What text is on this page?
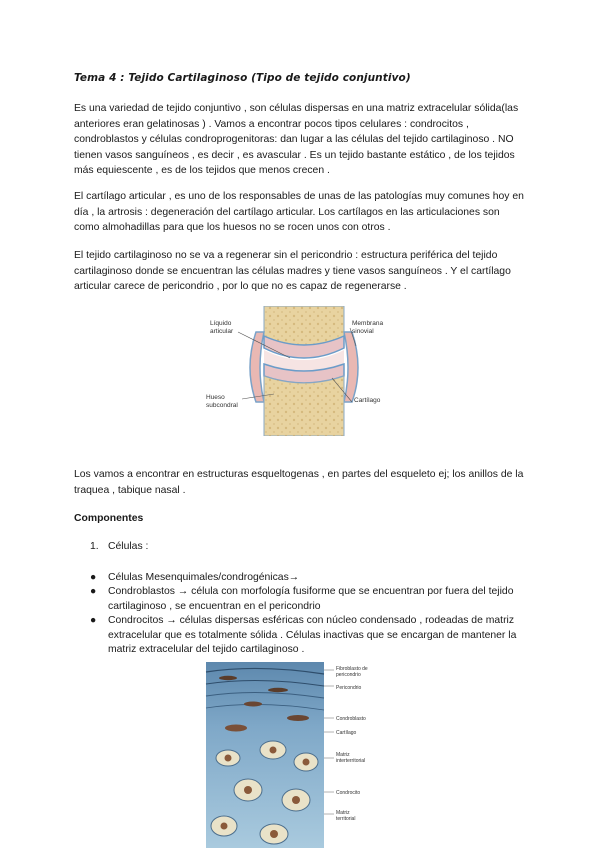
Tema 4 : Tejido Cartilaginoso (Tipo de tejido conjuntivo)

Es una variedad de tejido conjuntivo , son células dispersas en una matriz extracelular sólida(las anteriores eran gelatinosas ) . Vamos a encontrar pocos tipos celulares : condrocitos , condroblastos y células condroprogenitoras: dan lugar a las células del tejido cartilaginoso . NO tienen vasos sanguíneos , es decir , es avascular . Es un tejido bastante estático , de los tejidos más equiescente , es de los tejidos que menos crecen .

El cartílago articular , es uno de los responsables de unas de las patologías muy comunes hoy en día , la artrosis : degeneración del cartílago articular. Los cartílagos en las articulaciones son como almohadillas para que los huesos no se rocen unos con otros .

El tejido cartilaginoso no se va a regenerar sin el pericondrio : estructura periférica del tejido cartilaginoso donde se encuentran las células madres y tiene vasos sanguíneos . Y el cartílago articular carece de pericondrio , por lo que no es capaz de regenerarse .

Líquido
articular
Membrana
sinovial
Hueso
subcondral
Cartílago

Los vamos a encontrar en estructuras esqueltogenas , en partes del esqueleto ej; los anillos de la traquea , tabique nasal .

Componentes

1. Células :

● Células Mesenquimales/condrogénicas→
● Condroblastos → célula con morfología fusiforme que se encuentran por fuera del tejido cartilaginoso , se encuentran en el pericondrio
● Condrocitos → células dispersas esféricas con núcleo condensado , rodeadas de matriz extracelular que es totalmente sólida . Células inactivas que se encargan de mantener la matriz extracelular del tejido cartilaginoso .
Fibroblasto de
pericondrio
Pericondrio
Condroblasto
Cartílago
Matriz
interterritorial
Condrocito
Matriz
territorial
